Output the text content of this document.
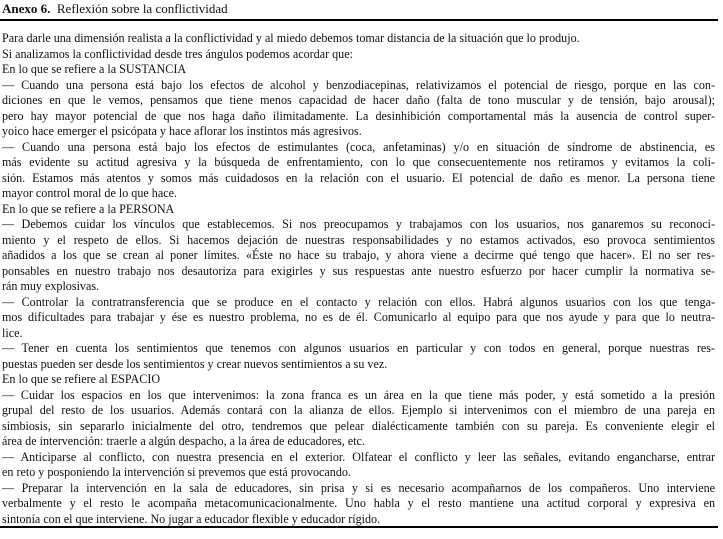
Anexo 6. Reflexión sobre la conflictividad
Para darle una dimensión realista a la conflictividad y al miedo debemos tomar distancia de la situación que lo produjo.
Si analizamos la conflictividad desde tres ángulos podemos acordar que:
En lo que se refiere a la SUSTANCIA
— Cuando una persona está bajo los efectos de alcohol y benzodiacepinas, relativizamos el potencial de riesgo, porque en las con-
diciones en que le vemos, pensamos que tiene menos capacidad de hacer daño (falta de tono muscular y de tensión, bajo arousal);
pero hay mayor potencial de que nos haga daño ilimitadamente. La desinhibición comportamental más la ausencia de control super-
yoico hace emerger el psicópata y hace aflorar los instintos más agresivos.
— Cuando una persona está bajo los efectos de estimulantes (coca, anfetaminas) y/o en situación de síndrome de abstinencia, es
más evidente su actitud agresiva y la búsqueda de enfrentamiento, con lo que consecuentemente nos retiramos y evitamos la coli-
sión. Estamos más atentos y somos más cuidadosos en la relación con el usuario. El potencial de daño es menor. La persona tiene
mayor control moral de lo que hace.
En lo que se refiere a la PERSONA
— Debemos cuidar los vínculos que establecemos. Si nos preocupamos y trabajamos con los usuarios, nos ganaremos su reconoci-
miento y el respeto de ellos. Si hacemos dejación de nuestras responsabilidades y no estamos activados, eso provoca sentimientos
añadidos a los que se crean al poner límites. «Éste no hace su trabajo, y ahora viene a decirme qué tengo que hacer». El no ser res-
ponsables en nuestro trabajo nos desautoriza para exigirles y sus respuestas ante nuestro esfuerzo por hacer cumplir la normativa se-
rán muy explosivas.
— Controlar la contratransferencia que se produce en el contacto y relación con ellos. Habrá algunos usuarios con los que tenga-
mos dificultades para trabajar y ése es nuestro problema, no es de él. Comunicarlo al equipo para que nos ayude y para que lo neutra-
lice.
— Tener en cuenta los sentimientos que tenemos con algunos usuarios en particular y con todos en general, porque nuestras res-
puestas pueden ser desde los sentimientos y crear nuevos sentimientos a su vez.
En lo que se refiere al ESPACIO
— Cuidar los espacios en los que intervenimos: la zona franca es un área en la que tiene más poder, y está sometido a la presión
grupal del resto de los usuarios. Además contará con la alianza de ellos. Ejemplo si intervenimos con el miembro de una pareja en
simbiosis, sin separarlo inicialmente del otro, tendremos que pelear dialécticamente también con su pareja. Es conveniente elegir el
área de intervención: traerle a algún despacho, a la área de educadores, etc.
— Anticiparse al conflicto, con nuestra presencia en el exterior. Olfatear el conflicto y leer las señales, evitando engancharse, entrar
en reto y posponiendo la intervención si prevemos que está provocando.
— Preparar la intervención en la sala de educadores, sin prisa y si es necesario acompañarnos de los compañeros. Uno interviene
verbalmente y el resto le acompaña metacomunicacionalmente. Uno habla y el resto mantiene una actitud corporal y expresiva en
sintonía con el que interviene. No jugar a educador flexible y educador rígido.
